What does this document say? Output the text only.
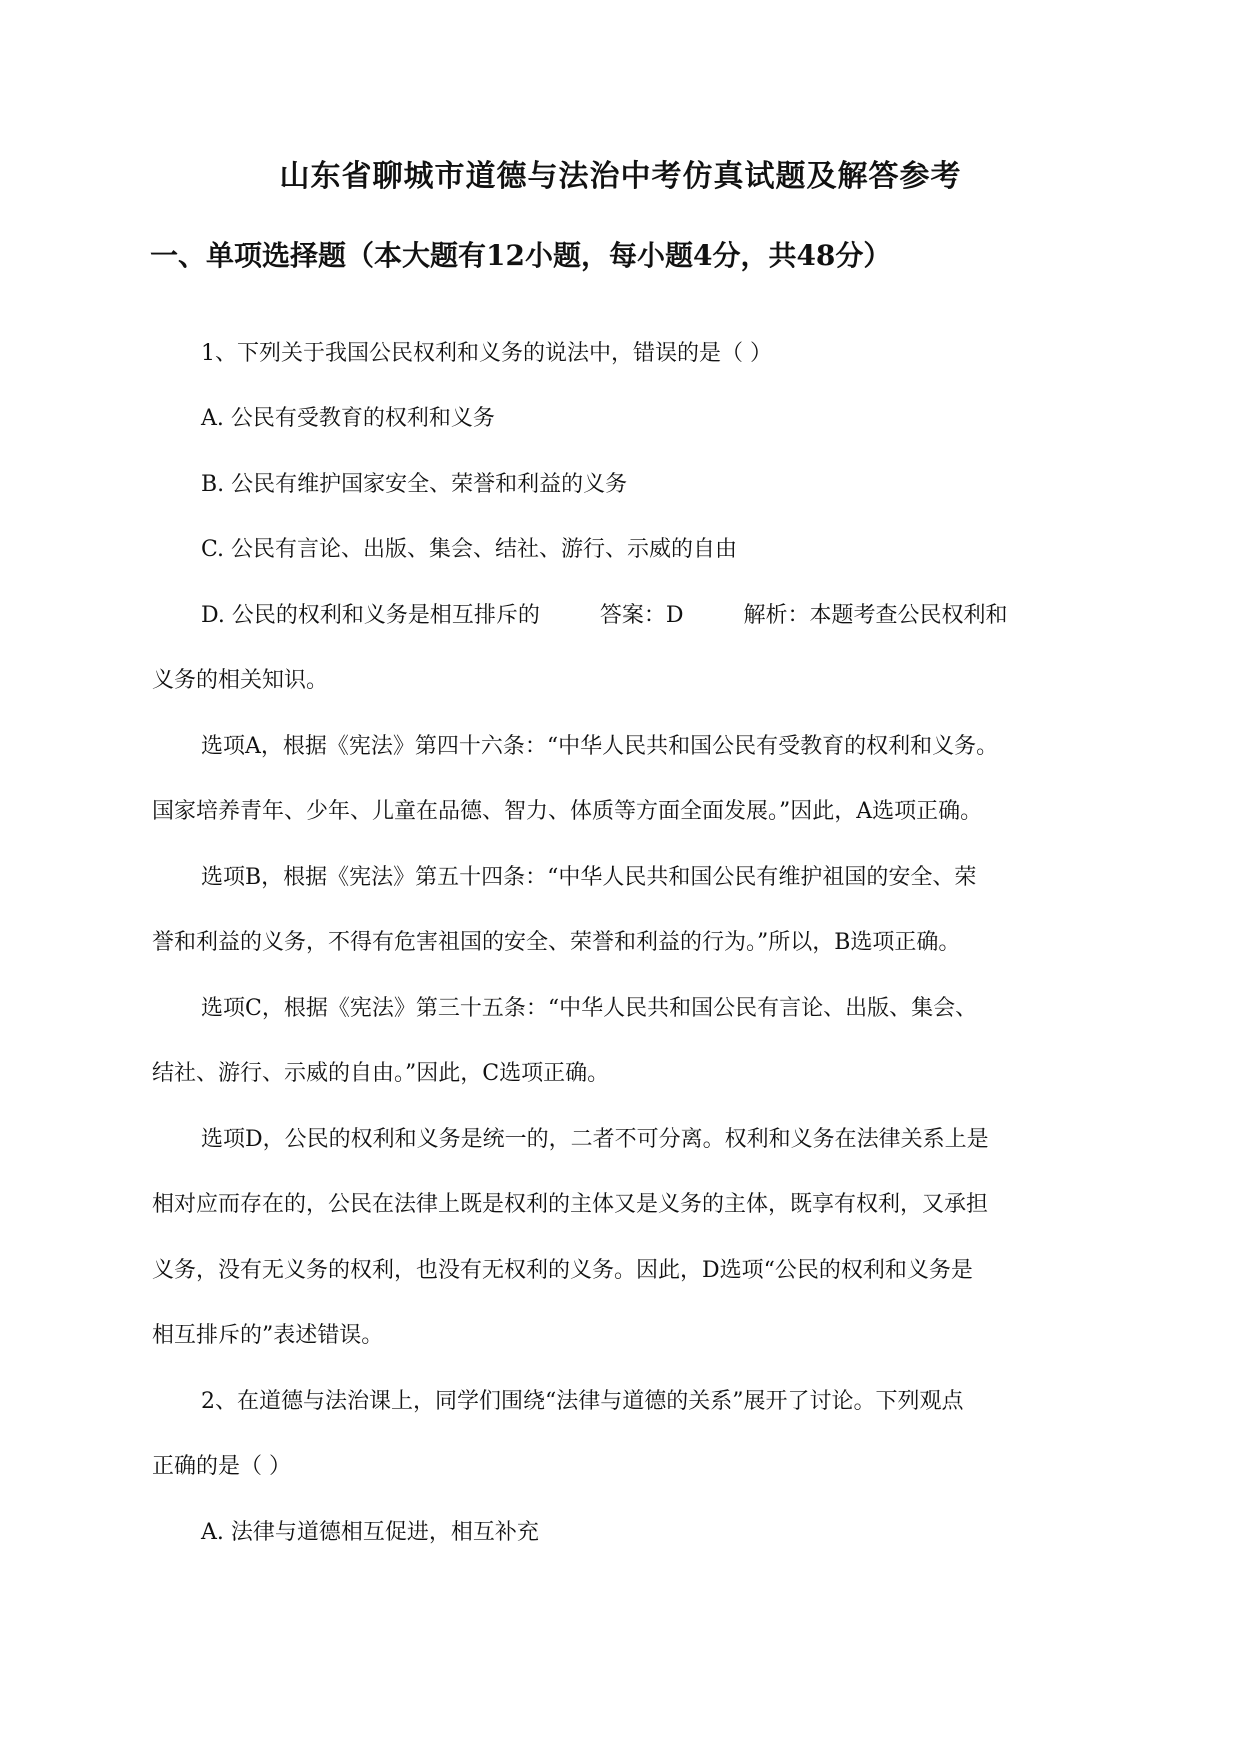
山东省聊城市道德与法治中考仿真试题及解答参考
一、单项选择题（本大题有12小题，每小题4分，共48分）
1、下列关于我国公民权利和义务的说法中，错误的是（ ）
A. 公民有受教育的权利和义务
B. 公民有维护国家安全、荣誉和利益的义务
C. 公民有言论、出版、集会、结社、游行、示威的自由
D. 公民的权利和义务是相互排斥的	答案：D	解析：本题考查公民权利和
义务的相关知识。
选项A，根据《宪法》第四十六条：“中华人民共和国公民有受教育的权利和义务。
国家培养青年、少年、儿童在品德、智力、体质等方面全面发展。”因此，A选项正确。
选项B，根据《宪法》第五十四条：“中华人民共和国公民有维护祖国的安全、荣
誉和利益的义务，不得有危害祖国的安全、荣誉和利益的行为。”所以，B选项正确。
选项C，根据《宪法》第三十五条：“中华人民共和国公民有言论、出版、集会、
结社、游行、示威的自由。”因此，C选项正确。
选项D，公民的权利和义务是统一的，二者不可分离。权利和义务在法律关系上是
相对应而存在的，公民在法律上既是权利的主体又是义务的主体，既享有权利，又承担
义务，没有无义务的权利，也没有无权利的义务。因此，D选项“公民的权利和义务是
相互排斥的”表述错误。
2、在道德与法治课上，同学们围绕“法律与道德的关系”展开了讨论。下列观点
正确的是（ ）
A. 法律与道德相互促进，相互补充
